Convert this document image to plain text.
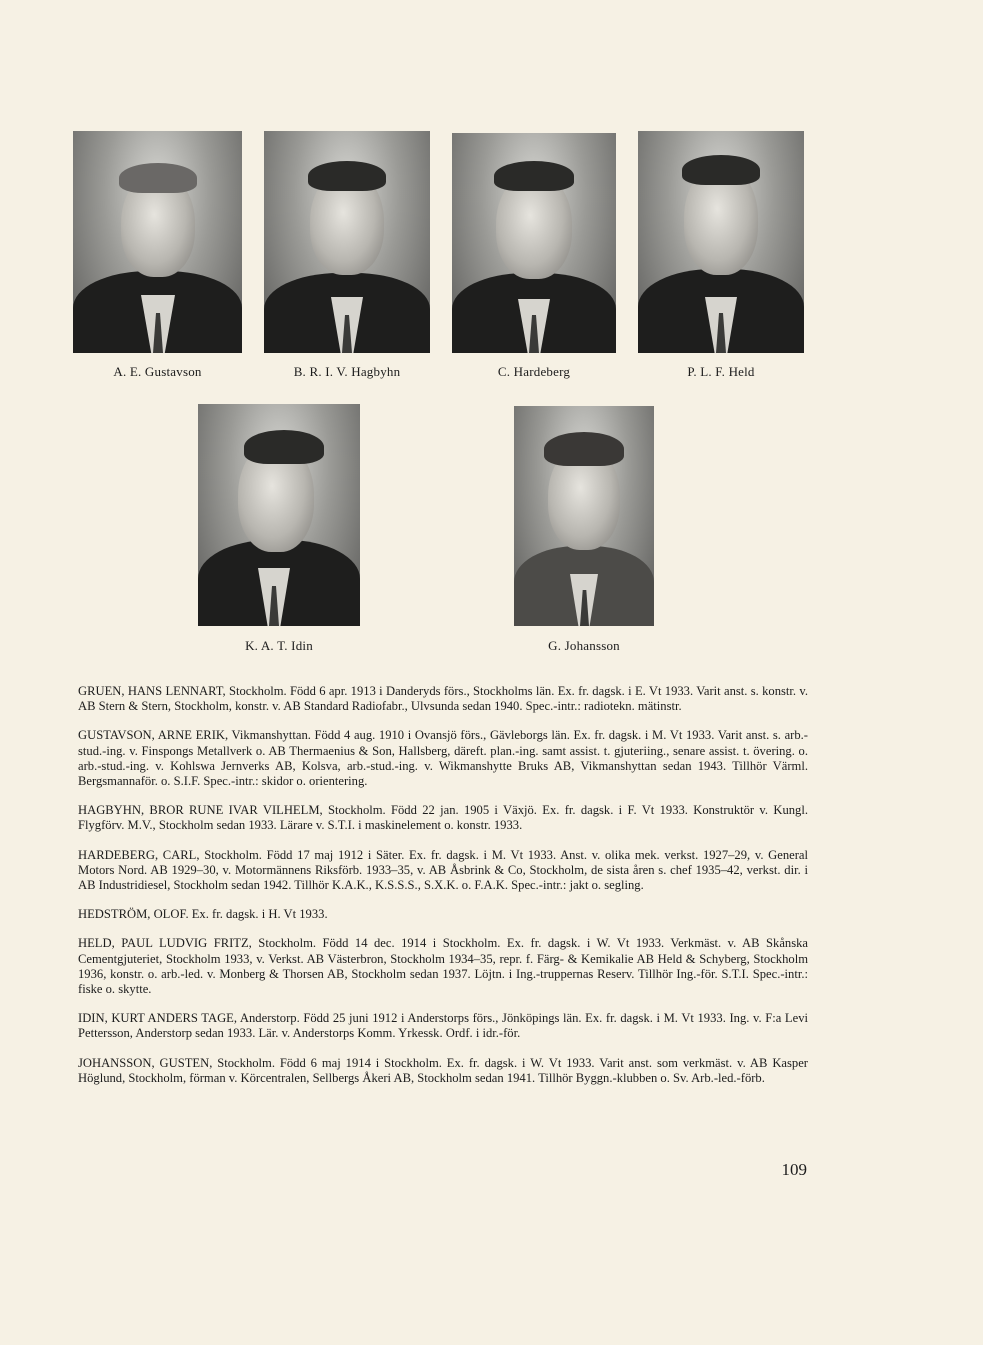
A. E. Gustavson	B. R. I. V. Hagbyhn	C. Hardeberg	P. L. F. Held
K. A. T. Idin	G. Johansson

GRUEN, HANS LENNART, Stockholm. Född 6 apr. 1913 i Danderyds förs., Stockholms län. Ex. fr. dagsk. i E. Vt 1933. Varit anst. s. konstr. v. AB Stern & Stern, Stockholm, konstr. v. AB Standard Radiofabr., Ulvsunda sedan 1940. Spec.-intr.: radiotekn. mätinstr.

GUSTAVSON, ARNE ERIK, Vikmanshyttan. Född 4 aug. 1910 i Ovansjö förs., Gävleborgs län. Ex. fr. dagsk. i M. Vt 1933. Varit anst. s. arb.-stud.-ing. v. Finspongs Metallverk o. AB Thermaenius & Son, Hallsberg, däreft. plan.-ing. samt assist. t. gjuteriing., senare assist. t. övering. o. arb.-stud.-ing. v. Kohlswa Jernverks AB, Kolsva, arb.-stud.-ing. v. Wikmanshytte Bruks AB, Vikmanshyttan sedan 1943. Tillhör Värml. Bergsmannaför. o. S.I.F. Spec.-intr.: skidor o. orientering.

HAGBYHN, BROR RUNE IVAR VILHELM, Stockholm. Född 22 jan. 1905 i Växjö. Ex. fr. dagsk. i F. Vt 1933. Konstruktör v. Kungl. Flygförv. M.V., Stockholm sedan 1933. Lärare v. S.T.I. i maskinelement o. konstr. 1933.

HARDEBERG, CARL, Stockholm. Född 17 maj 1912 i Säter. Ex. fr. dagsk. i M. Vt 1933. Anst. v. olika mek. verkst. 1927–29, v. General Motors Nord. AB 1929–30, v. Motormännens Riksförb. 1933–35, v. AB Åsbrink & Co, Stockholm, de sista åren s. chef 1935–42, verkst. dir. i AB Industridiesel, Stockholm sedan 1942. Tillhör K.A.K., K.S.S.S., S.X.K. o. F.A.K. Spec.-intr.: jakt o. segling.

HEDSTRÖM, OLOF. Ex. fr. dagsk. i H. Vt 1933.

HELD, PAUL LUDVIG FRITZ, Stockholm. Född 14 dec. 1914 i Stockholm. Ex. fr. dagsk. i W. Vt 1933. Verkmäst. v. AB Skånska Cementgjuteriet, Stockholm 1933, v. Verkst. AB Västerbron, Stockholm 1934–35, repr. f. Färg- & Kemikalie AB Held & Schyberg, Stockholm 1936, konstr. o. arb.-led. v. Monberg & Thorsen AB, Stockholm sedan 1937. Löjtn. i Ing.-truppernas Reserv. Tillhör Ing.-för. S.T.I. Spec.-intr.: fiske o. skytte.

IDIN, KURT ANDERS TAGE, Anderstorp. Född 25 juni 1912 i Anderstorps förs., Jönköpings län. Ex. fr. dagsk. i M. Vt 1933. Ing. v. F:a Levi Pettersson, Anderstorp sedan 1933. Lär. v. Anderstorps Komm. Yrkessk. Ordf. i idr.-för.

JOHANSSON, GUSTEN, Stockholm. Född 6 maj 1914 i Stockholm. Ex. fr. dagsk. i W. Vt 1933. Varit anst. som verkmäst. v. AB Kasper Höglund, Stockholm, förman v. Körcentralen, Sellbergs Åkeri AB, Stockholm sedan 1941. Tillhör Byggn.-klubben o. Sv. Arb.-led.-förb.

109
